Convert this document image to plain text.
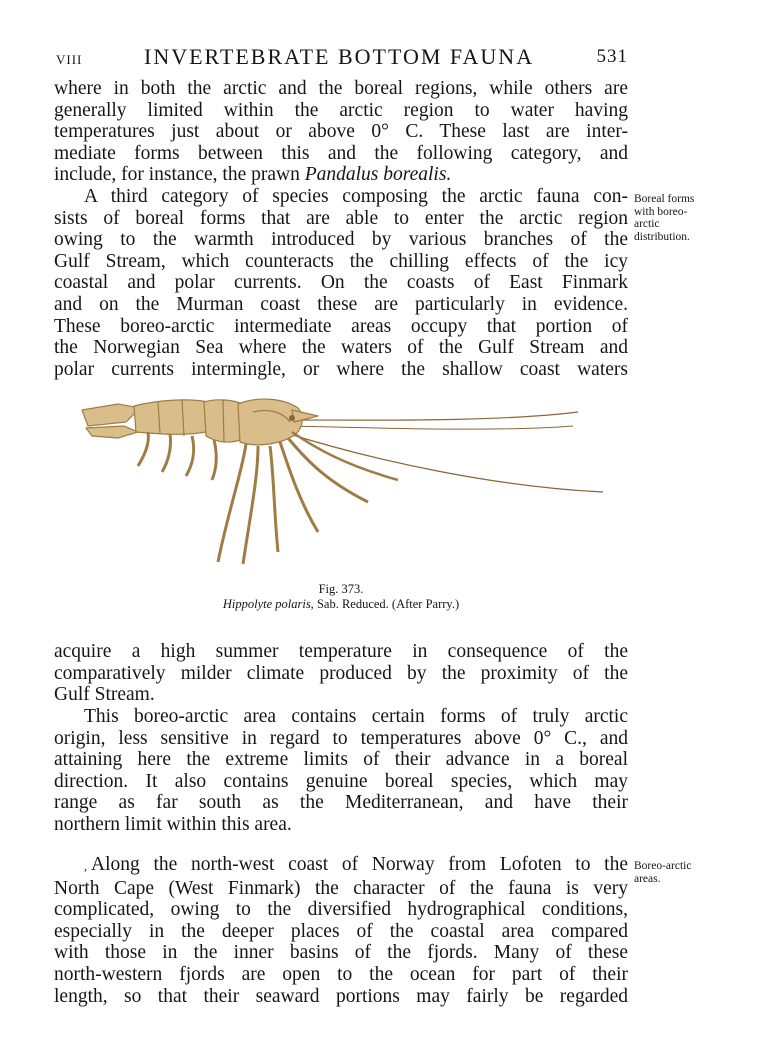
VIII	INVERTEBRATE BOTTOM FAUNA	531
where in both the arctic and the boreal regions, while others are
generally limited within the arctic region to water having
temperatures just about or above 0° C. These last are inter-
mediate forms between this and the following category, and
include, for instance, the prawn Pandalus borealis.
A third category of species composing the arctic fauna con-
sists of boreal forms that are able to enter the arctic region
owing to the warmth introduced by various branches of the
Gulf Stream, which counteracts the chilling effects of the icy
coastal and polar currents. On the coasts of East Finmark
and on the Murman coast these are particularly in evidence.
These boreo-arctic intermediate areas occupy that portion of
the Norwegian Sea where the waters of the Gulf Stream and
polar currents intermingle, or where the shallow coast waters
Boreal forms
with boreo-
arctic
distribution.
Fig. 373.
Hippolyte polaris, Sab. Reduced. (After Parry.)
acquire a high summer temperature in consequence of the
comparatively milder climate produced by the proximity of the
Gulf Stream.
This boreo-arctic area contains certain forms of truly arctic
origin, less sensitive in regard to temperatures above 0° C., and
attaining here the extreme limits of their advance in a boreal
direction. It also contains genuine boreal species, which may
range as far south as the Mediterranean, and have their
northern limit within this area.
, Along the north-west coast of Norway from Lofoten to the
North Cape (West Finmark) the character of the fauna is very
complicated, owing to the diversified hydrographical conditions,
especially in the deeper places of the coastal area compared
with those in the inner basins of the fjords. Many of these
north-western fjords are open to the ocean for part of their
length, so that their seaward portions may fairly be regarded
Boreo-arctic
areas.
